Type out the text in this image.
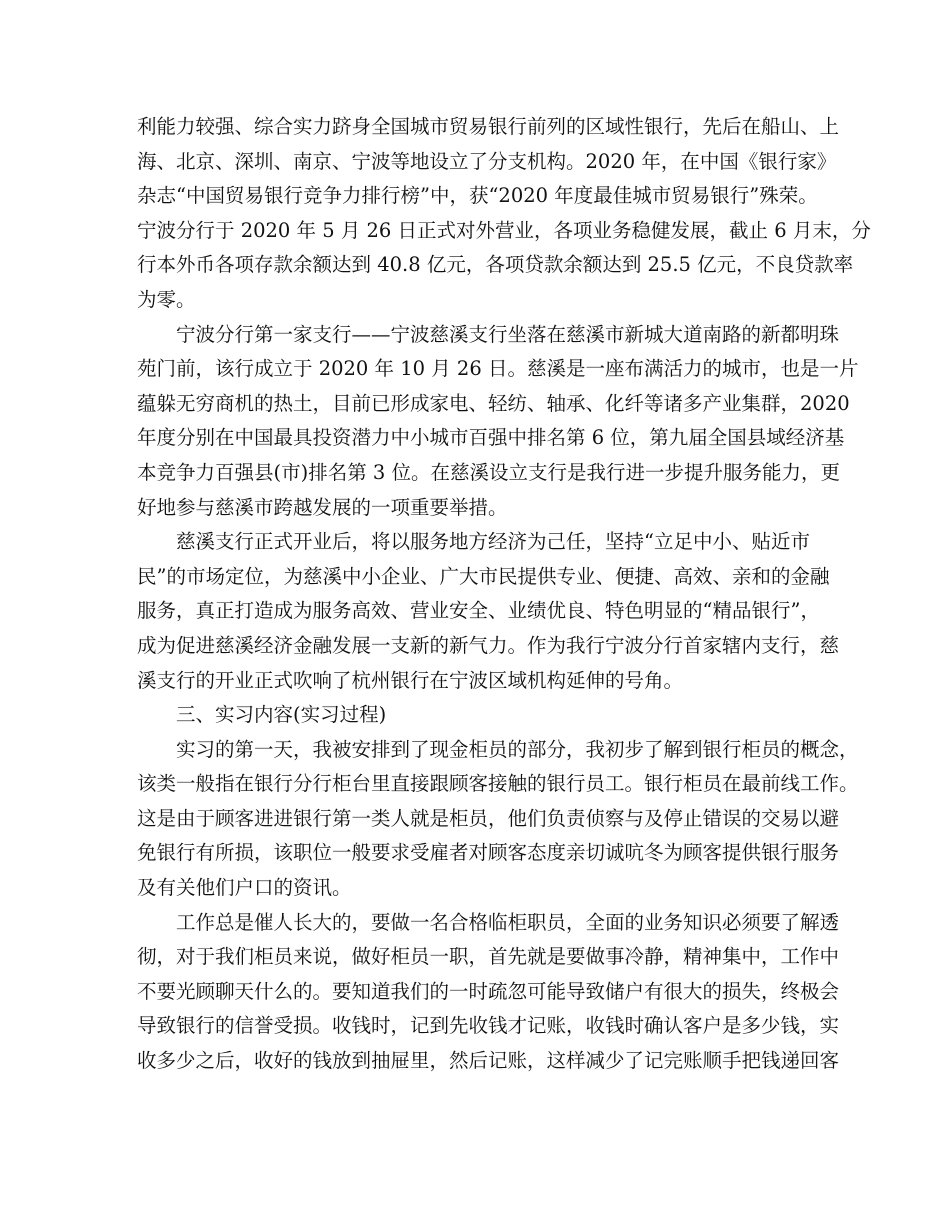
利能力较强、综合实力跻身全国城市贸易银行前列的区域性银行，先后在船山、上
海、北京、深圳、南京、宁波等地设立了分支机构。2020 年，在中国《银行家》
杂志“中国贸易银行竞争力排行榜”中，获“2020 年度最佳城市贸易银行”殊荣。
宁波分行于 2020 年 5 月 26 日正式对外营业，各项业务稳健发展，截止 6 月末，分
行本外币各项存款余额达到 40.8 亿元，各项贷款余额达到 25.5 亿元，不良贷款率
为零。
宁波分行第一家支行——宁波慈溪支行坐落在慈溪市新城大道南路的新都明珠
苑门前，该行成立于 2020 年 10 月 26 日。慈溪是一座布满活力的城市，也是一片
蕴躲无穷商机的热土，目前已形成家电、轻纺、轴承、化纤等诸多产业集群，2020
年度分别在中国最具投资潜力中小城市百强中排名第 6 位，第九届全国县域经济基
本竞争力百强县(市)排名第 3 位。在慈溪设立支行是我行进一步提升服务能力，更
好地参与慈溪市跨越发展的一项重要举措。
慈溪支行正式开业后，将以服务地方经济为己任，坚持“立足中小、贴近市
民”的市场定位，为慈溪中小企业、广大市民提供专业、便捷、高效、亲和的金融
服务，真正打造成为服务高效、营业安全、业绩优良、特色明显的“精品银行”，
成为促进慈溪经济金融发展一支新的新气力。作为我行宁波分行首家辖内支行，慈
溪支行的开业正式吹响了杭州银行在宁波区域机构延伸的号角。
三、实习内容(实习过程)
实习的第一天，我被安排到了现金柜员的部分，我初步了解到银行柜员的概念，
该类一般指在银行分行柜台里直接跟顾客接触的银行员工。银行柜员在最前线工作。
这是由于顾客进进银行第一类人就是柜员，他们负责侦察与及停止错误的交易以避
免银行有所损，该职位一般要求受雇者对顾客态度亲切诚吭冬为顾客提供银行服务
及有关他们户口的资讯。
工作总是催人长大的，要做一名合格临柜职员，全面的业务知识必须要了解透
彻，对于我们柜员来说，做好柜员一职，首先就是要做事冷静，精神集中，工作中
不要光顾聊天什么的。要知道我们的一时疏忽可能导致储户有很大的损失，终极会
导致银行的信誉受损。收钱时，记到先收钱才记账，收钱时确认客户是多少钱，实
收多少之后，收好的钱放到抽屉里，然后记账，这样减少了记完账顺手把钱递回客
